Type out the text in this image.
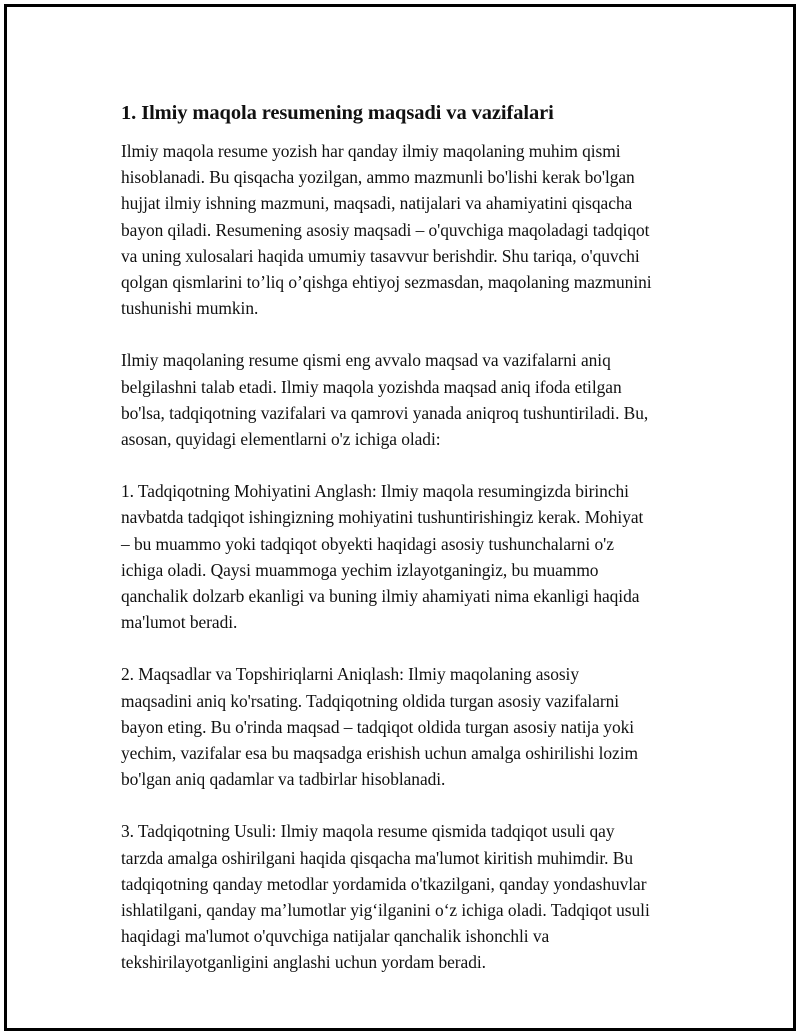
1. Ilmiy maqola resumening maqsadi va vazifalari

Ilmiy maqola resume yozish har qanday ilmiy maqolaning muhim qismi
hisoblanadi. Bu qisqacha yozilgan, ammo mazmunli bo'lishi kerak bo'lgan
hujjat ilmiy ishning mazmuni, maqsadi, natijalari va ahamiyatini qisqacha
bayon qiladi. Resumening asosiy maqsadi – o'quvchiga maqoladagi tadqiqot
va uning xulosalari haqida umumiy tasavvur berishdir. Shu tariqa, o'quvchi
qolgan qismlarini to’liq o’qishga ehtiyoj sezmasdan, maqolaning mazmunini
tushunishi mumkin.

Ilmiy maqolaning resume qismi eng avvalo maqsad va vazifalarni aniq
belgilashni talab etadi. Ilmiy maqola yozishda maqsad aniq ifoda etilgan
bo'lsa, tadqiqotning vazifalari va qamrovi yanada aniqroq tushuntiriladi. Bu,
asosan, quyidagi elementlarni o'z ichiga oladi:

1. Tadqiqotning Mohiyatini Anglash: Ilmiy maqola resumingizda birinchi
navbatda tadqiqot ishingizning mohiyatini tushuntirishingiz kerak. Mohiyat
– bu muammo yoki tadqiqot obyekti haqidagi asosiy tushunchalarni o'z
ichiga oladi. Qaysi muammoga yechim izlayotganingiz, bu muammo
qanchalik dolzarb ekanligi va buning ilmiy ahamiyati nima ekanligi haqida
ma'lumot beradi.

2. Maqsadlar va Topshiriqlarni Aniqlash: Ilmiy maqolaning asosiy
maqsadini aniq ko'rsating. Tadqiqotning oldida turgan asosiy vazifalarni
bayon eting. Bu o'rinda maqsad – tadqiqot oldida turgan asosiy natija yoki
yechim, vazifalar esa bu maqsadga erishish uchun amalga oshirilishi lozim
bo'lgan aniq qadamlar va tadbirlar hisoblanadi.

3. Tadqiqotning Usuli: Ilmiy maqola resume qismida tadqiqot usuli qay
tarzda amalga oshirilgani haqida qisqacha ma'lumot kiritish muhimdir. Bu
tadqiqotning qanday metodlar yordamida o'tkazilgani, qanday yondashuvlar
ishlatilgani, qanday ma’lumotlar yig‘ilganini o‘z ichiga oladi. Tadqiqot usuli
haqidagi ma'lumot o'quvchiga natijalar qanchalik ishonchli va
tekshirilayotganligini anglashi uchun yordam beradi.
